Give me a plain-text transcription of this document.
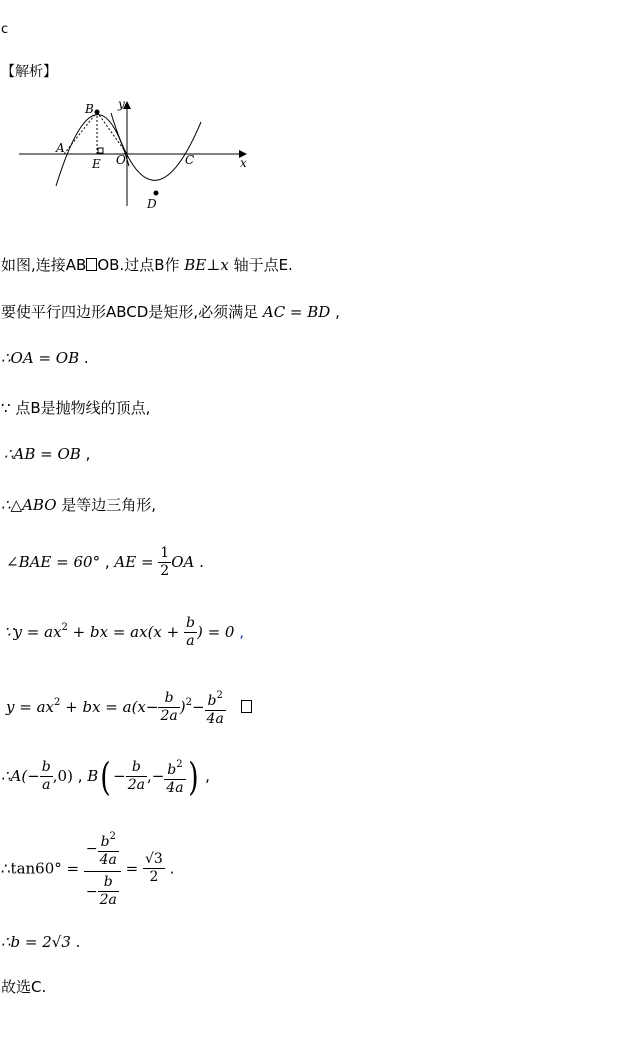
c
【解析】
y
B
A
E O	C	x
D
如图,连接AB OB.过点B作 BE⊥x 轴于点E.
要使平行四边形ABCD是矩形,必须满足 AC = BD ,
∴OA = OB .
∵ 点B是抛物线的顶点,
∴AB = OB ,
∴△ABO 是等边三角形,
∠BAE = 60° , AE = $\frac{1}{2}$ OA .
∵y = $ax^2$ + bx = $ax(x + \frac{b}{a}$ ) = 0 ,
$y = ax^2$ + bx = $a(x- \frac{b}{2a} )^2- \frac{b^2}{4a}$

∴A(− $\frac{b}{a} ,0$) , $B( - \frac{b}{2a}$ ,− $\frac{b^2}{4a}$ ) ,
∴tan60° = $\frac{- \frac{b^2}{4a}}{- \frac{b}{2a}} = \frac{√3}{2}$ .
∴b = 2√3 .
故选C.
